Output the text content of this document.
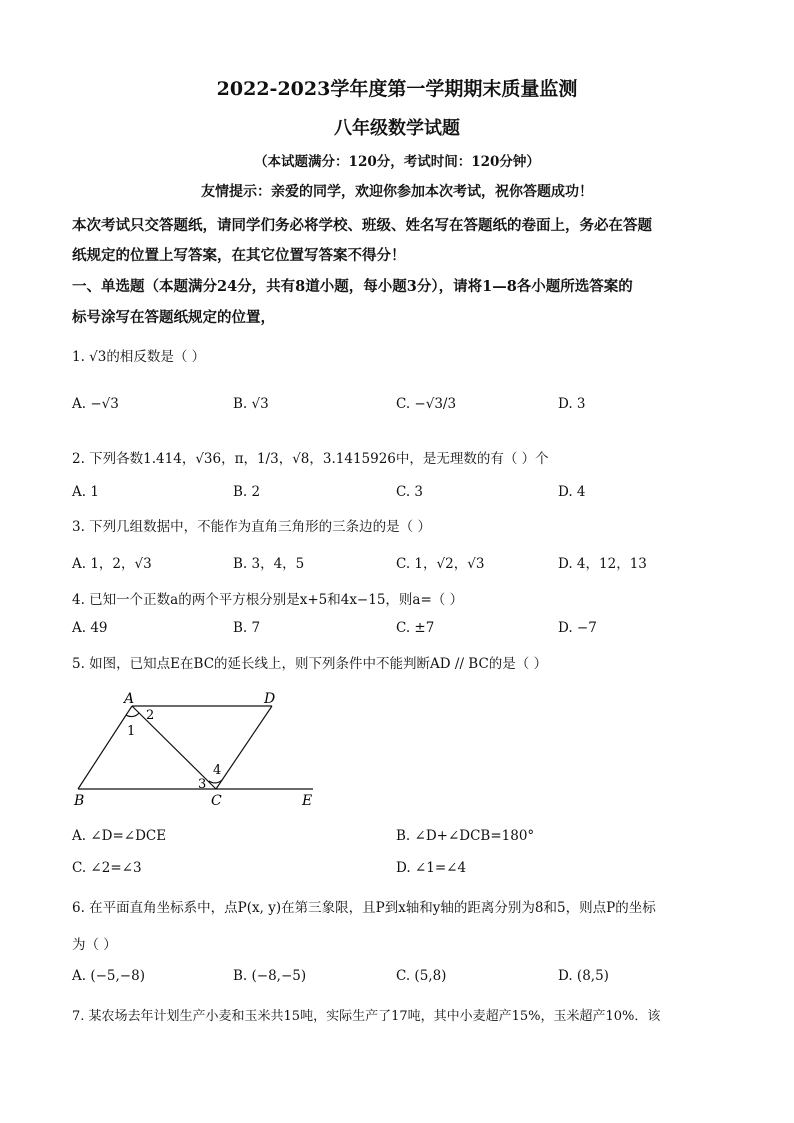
2022-2023学年度第一学期期末质量监测
八年级数学试题
（本试题满分：120分，考试时间：120分钟）
友情提示：亲爱的同学，欢迎你参加本次考试，祝你答题成功！
本次考试只交答题纸，请同学们务必将学校、班级、姓名写在答题纸的卷面上，务必在答题
纸规定的位置上写答案，在其它位置写答案不得分！
一、单选题（本题满分24分，共有8道小题，每小题3分），请将1—8各小题所选答案的
标号涂写在答题纸规定的位置，
1. √3的相反数是（ ）
A. −√3	B. √3	C. −√3/3	D. 3
2. 下列各数1.414，√36，π，1/3，√8，3.1415926中，是无理数的有（ ）个
A. 1	B. 2	C. 3	D. 4
3. 下列几组数据中，不能作为直角三角形的三条边的是（ ）
A. 1，2，√3	B. 3，4，5	C. 1，√2，√3	D. 4，12，13
4. 已知一个正数a的两个平方根分别是x+5和4x−15，则a=（ ）
A. 49	B. 7	C. ±7	D. −7
5. 如图，已知点E在BC的延长线上，则下列条件中不能判断AD // BC的是（ ）
A	D
B	C	E
1
2
3
4
A. ∠D=∠DCE	B. ∠D+∠DCB=180°
C. ∠2=∠3	D. ∠1=∠4
6. 在平面直角坐标系中，点P(x, y)在第三象限，且P到x轴和y轴的距离分别为8和5，则点P的坐标
为（ ）
A. (−5,−8)	B. (−8,−5)	C. (5,8)	D. (8,5)
7. 某农场去年计划生产小麦和玉米共15吨，实际生产了17吨，其中小麦超产15%，玉米超产10%．该
